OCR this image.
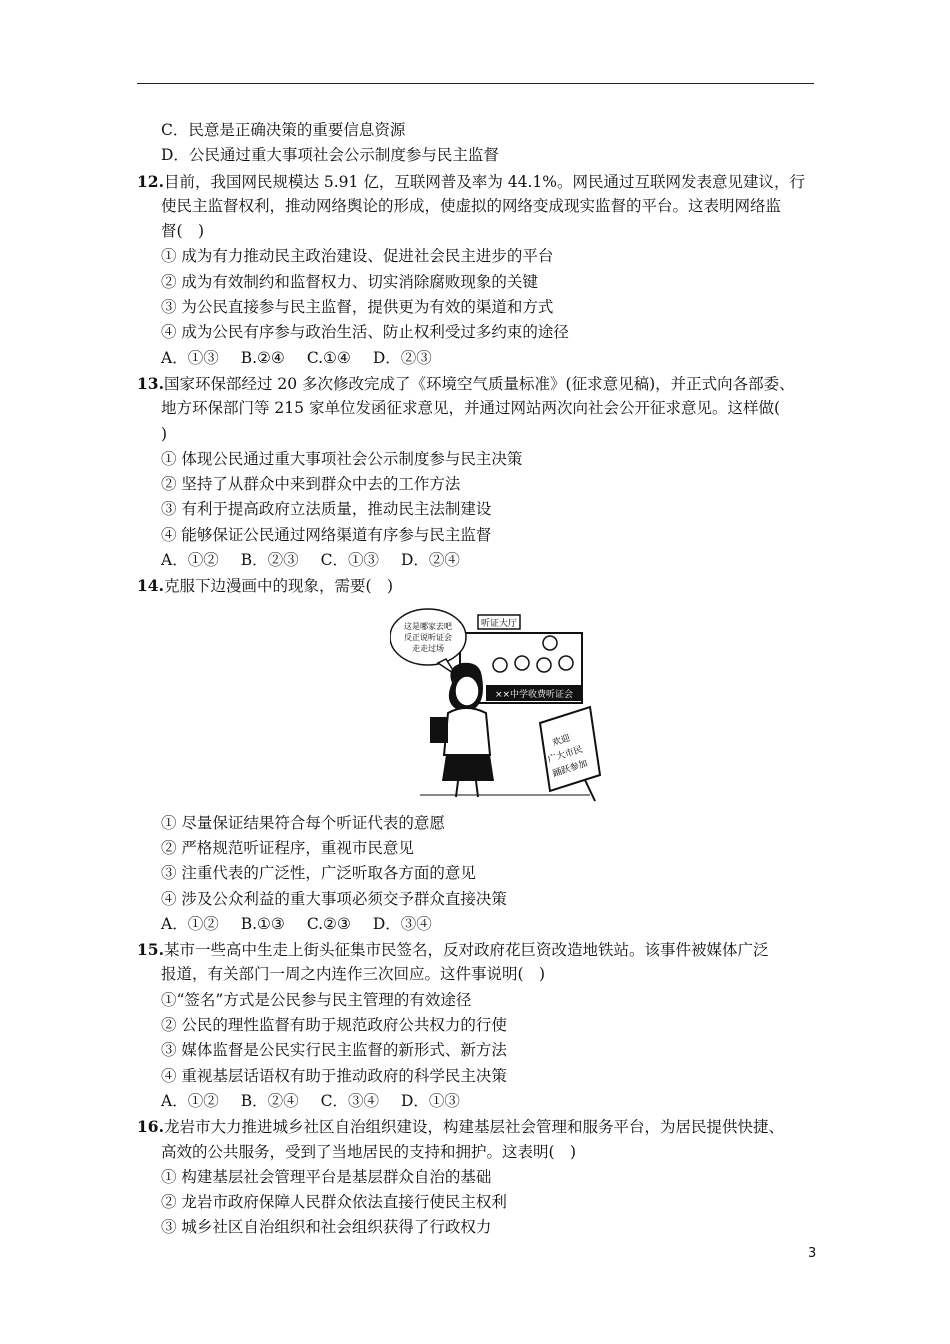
C．民意是正确决策的重要信息资源
D．公民通过重大事项社会公示制度参与民主监督
12.目前，我国网民规模达 5.91 亿，互联网普及率为 44.1%。网民通过互联网发表意见建议，行
使民主监督权利，推动网络舆论的形成，使虚拟的网络变成现实监督的平台。这表明网络监
督(　)
① 成为有力推动民主政治建设、促进社会民主进步的平台
② 成为有效制约和监督权力、切实消除腐败现象的关键
③ 为公民直接参与民主监督，提供更为有效的渠道和方式
④ 成为公民有序参与政治生活、防止权利受过多约束的途径
A．①③ B.②④ C.①④ D．②③
13.国家环保部经过 20 多次修改完成了《环境空气质量标准》(征求意见稿)，并正式向各部委、
地方环保部门等 215 家单位发函征求意见，并通过网站两次向社会公开征求意见。这样做(
)
① 体现公民通过重大事项社会公示制度参与民主决策
② 坚持了从群众中来到群众中去的工作方法
③ 有利于提高政府立法质量，推动民主法制建设
④ 能够保证公民通过网络渠道有序参与民主监督
A．①② B．②③ C．①③ D．②④
14.克服下边漫画中的现象，需要(　)
听证大厅
××中学收费听证会
这是哪家去吧
反正说听证会
走走过场
欢迎
广大市民
踊跃参加
① 尽量保证结果符合每个听证代表的意愿
② 严格规范听证程序，重视市民意见
③ 注重代表的广泛性，广泛听取各方面的意见
④ 涉及公众利益的重大事项必须交予群众直接决策
A．①② B.①③ C.②③ D．③④
15.某市一些高中生走上街头征集市民签名，反对政府花巨资改造地铁站。该事件被媒体广泛
报道，有关部门一周之内连作三次回应。这件事说明(　)
①“签名”方式是公民参与民主管理的有效途径
② 公民的理性监督有助于规范政府公共权力的行使
③ 媒体监督是公民实行民主监督的新形式、新方法
④ 重视基层话语权有助于推动政府的科学民主决策
A．①② B．②④ C．③④ D．①③
16.龙岩市大力推进城乡社区自治组织建设，构建基层社会管理和服务平台，为居民提供快捷、
高效的公共服务，受到了当地居民的支持和拥护。这表明(　)
① 构建基层社会管理平台是基层群众自治的基础
② 龙岩市政府保障人民群众依法直接行使民主权利
③ 城乡社区自治组织和社会组织获得了行政权力
3
